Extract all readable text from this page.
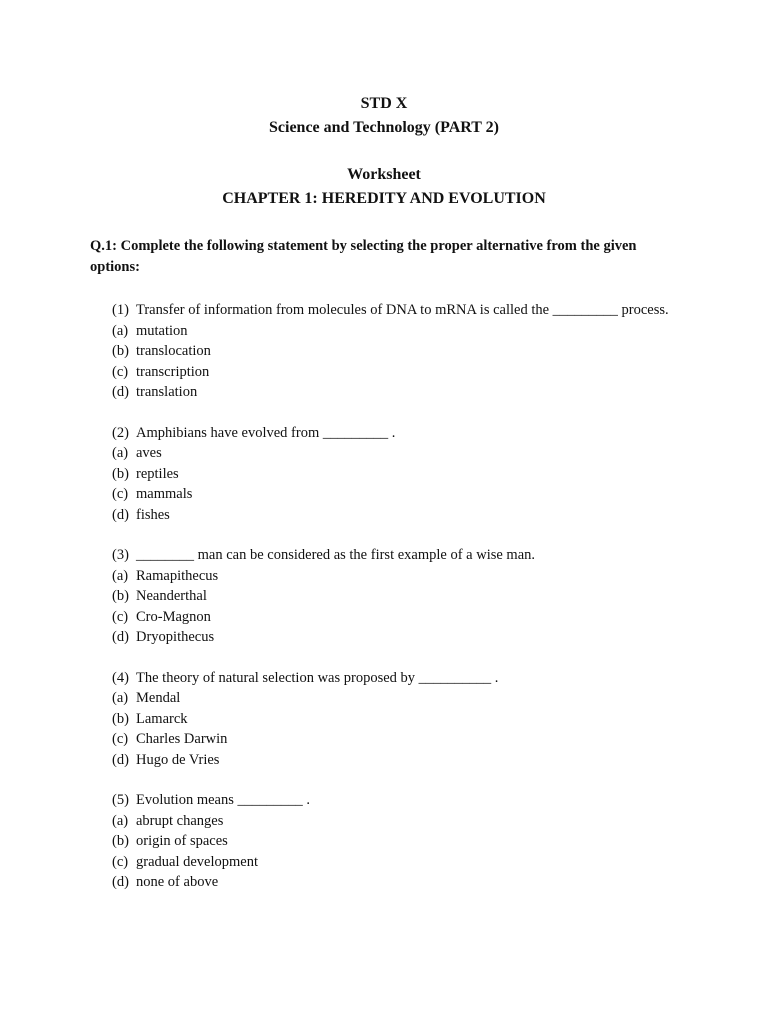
STD X
Science and Technology (PART 2)
Worksheet
CHAPTER 1: HEREDITY AND EVOLUTION
Q.1: Complete the following statement by selecting the proper alternative from the given options:
(1) Transfer of information from molecules of DNA to mRNA is called the _________ process.
(a) mutation
(b) translocation
(c) transcription
(d) translation
(2) Amphibians have evolved from _________ .
(a) aves
(b) reptiles
(c) mammals
(d) fishes
(3) ________ man can be considered as the first example of a wise man.
(a) Ramapithecus
(b) Neanderthal
(c) Cro-Magnon
(d) Dryopithecus
(4) The theory of natural selection was proposed by __________ .
(a) Mendal
(b) Lamarck
(c) Charles Darwin
(d) Hugo de Vries
(5) Evolution means _________ .
(a) abrupt changes
(b) origin of spaces
(c) gradual development
(d) none of above
